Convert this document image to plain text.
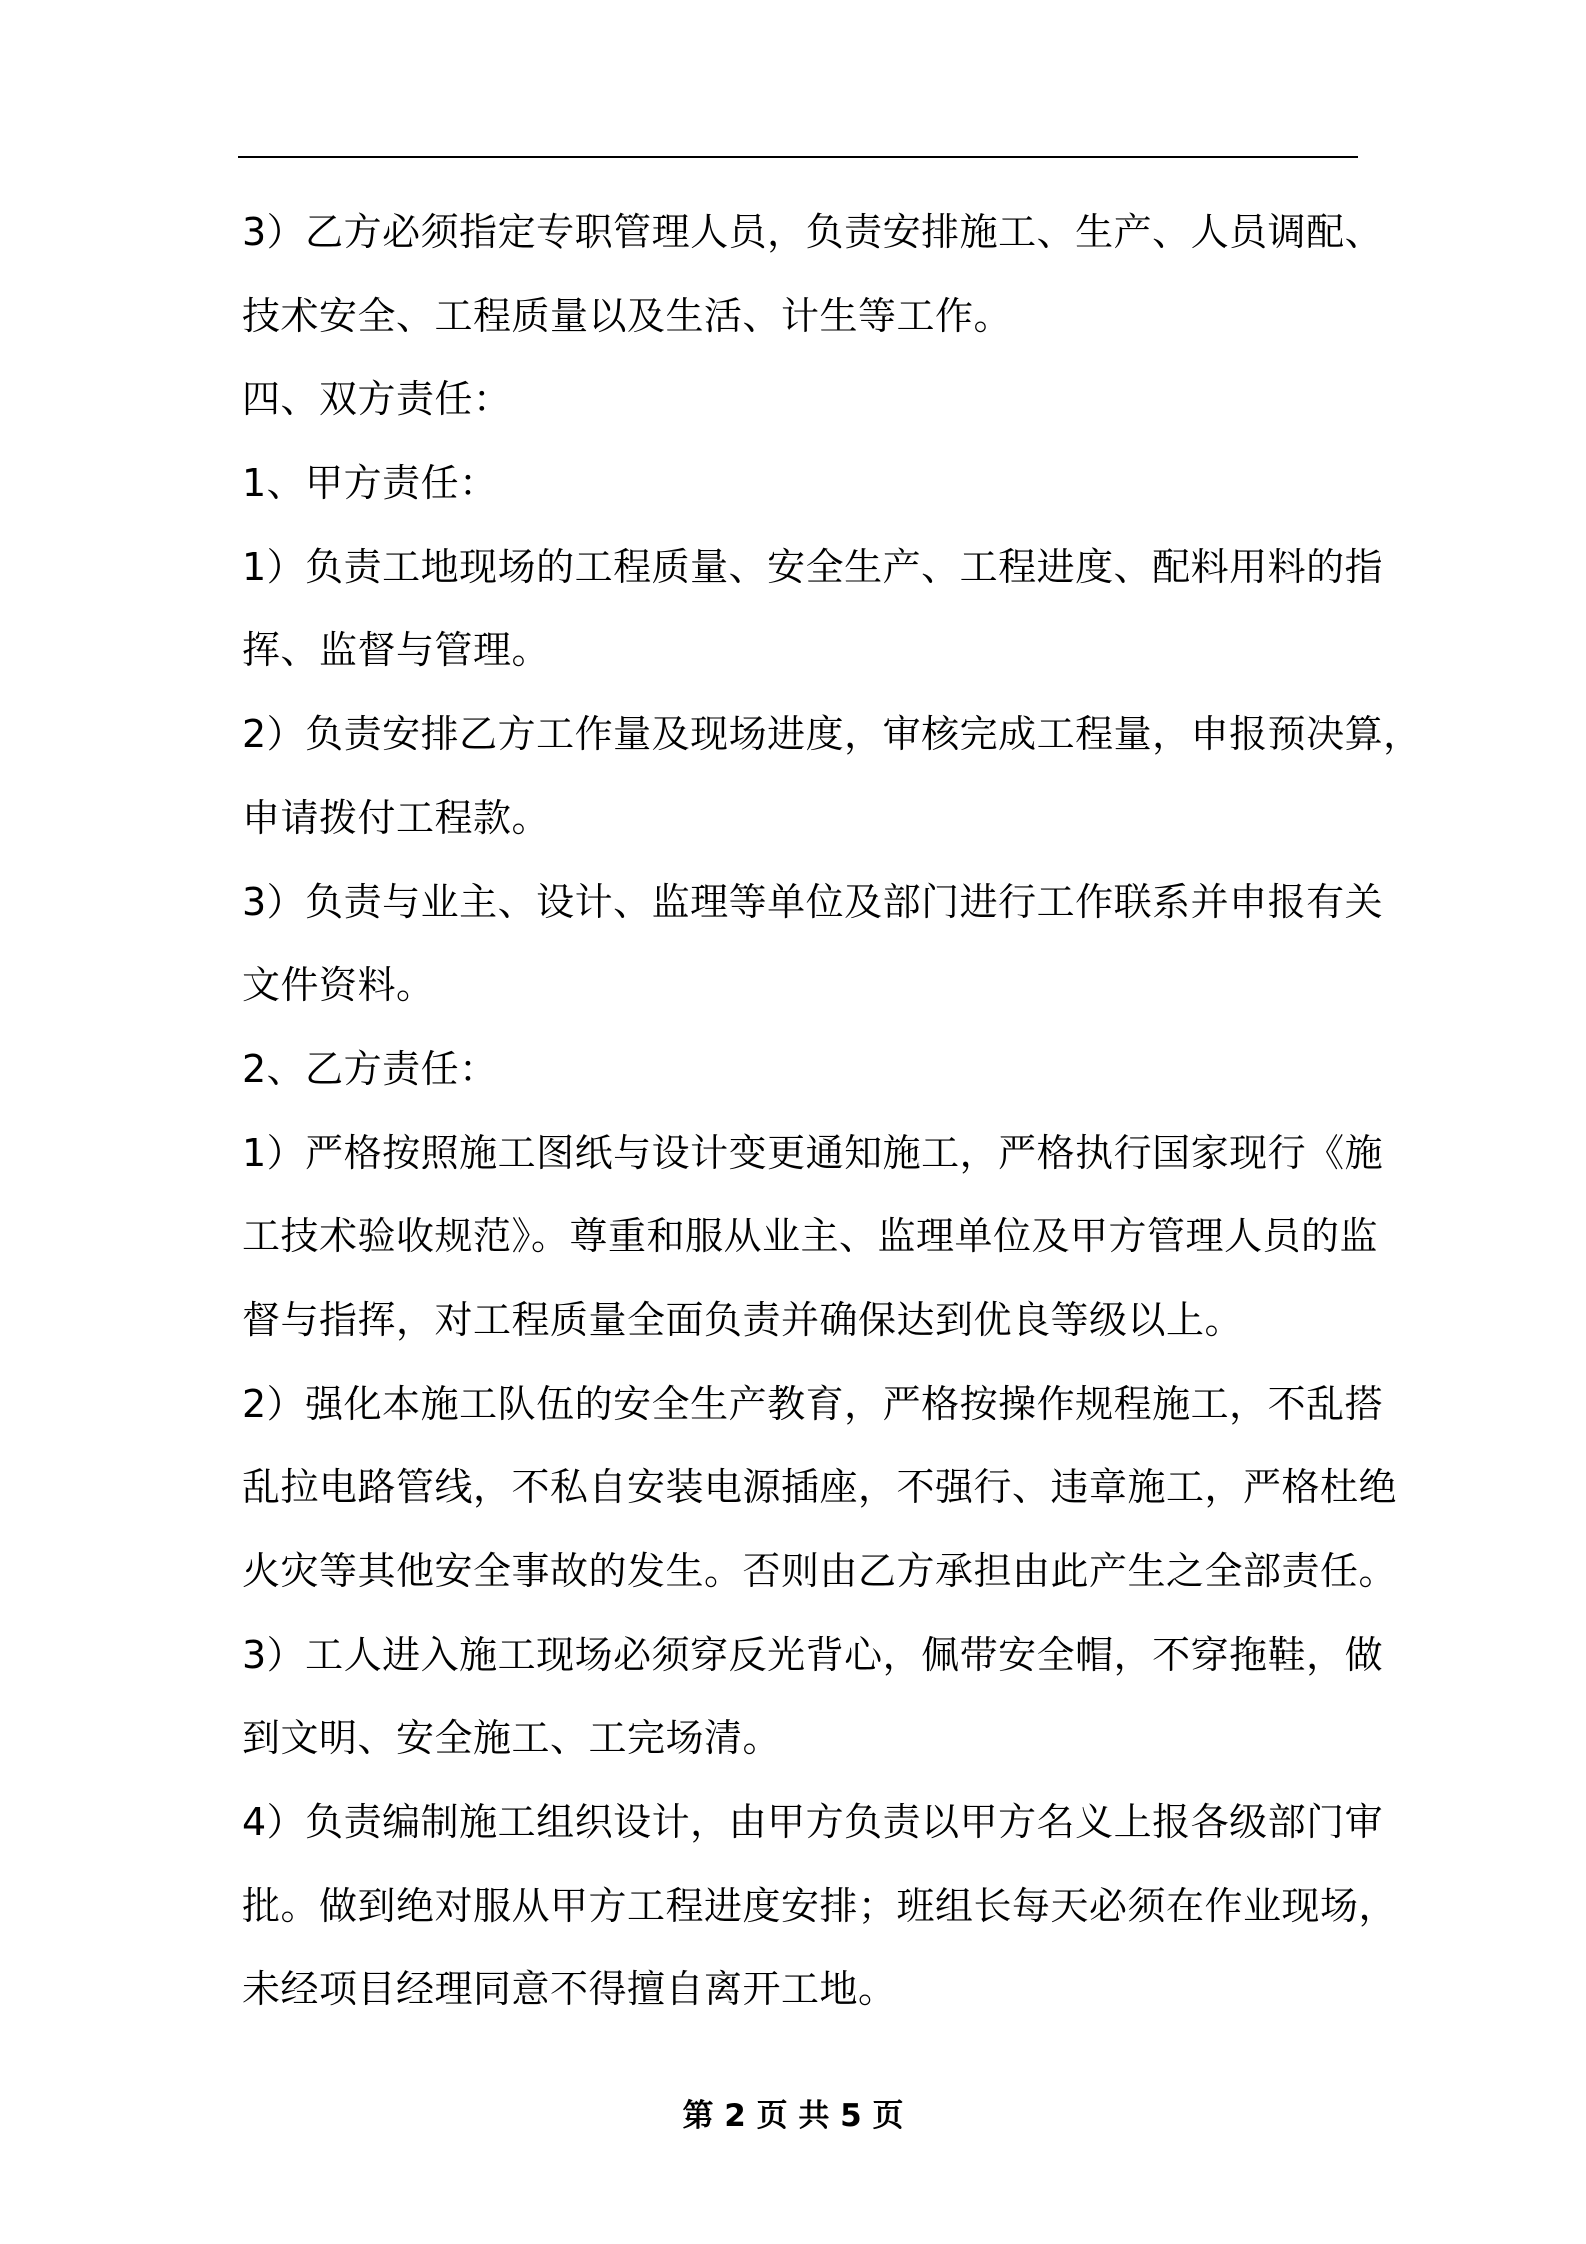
3）乙方必须指定专职管理人员，负责安排施工、生产、人员调配、
技术安全、工程质量以及生活、计生等工作。
四、双方责任：
1、甲方责任：
1）负责工地现场的工程质量、安全生产、工程进度、配料用料的指
挥、监督与管理。
2）负责安排乙方工作量及现场进度，审核完成工程量，申报预决算，
申请拨付工程款。
3）负责与业主、设计、监理等单位及部门进行工作联系并申报有关
文件资料。
2、乙方责任：
1）严格按照施工图纸与设计变更通知施工，严格执行国家现行《施
工技术验收规范》。尊重和服从业主、监理单位及甲方管理人员的监
督与指挥，对工程质量全面负责并确保达到优良等级以上。
2）强化本施工队伍的安全生产教育，严格按操作规程施工，不乱搭
乱拉电路管线，不私自安装电源插座，不强行、违章施工，严格杜绝
火灾等其他安全事故的发生。否则由乙方承担由此产生之全部责任。
3）工人进入施工现场必须穿反光背心，佩带安全帽，不穿拖鞋，做
到文明、安全施工、工完场清。
4）负责编制施工组织设计，由甲方负责以甲方名义上报各级部门审
批。做到绝对服从甲方工程进度安排；班组长每天必须在作业现场，
未经项目经理同意不得擅自离开工地。
第 2 页 共 5 页
